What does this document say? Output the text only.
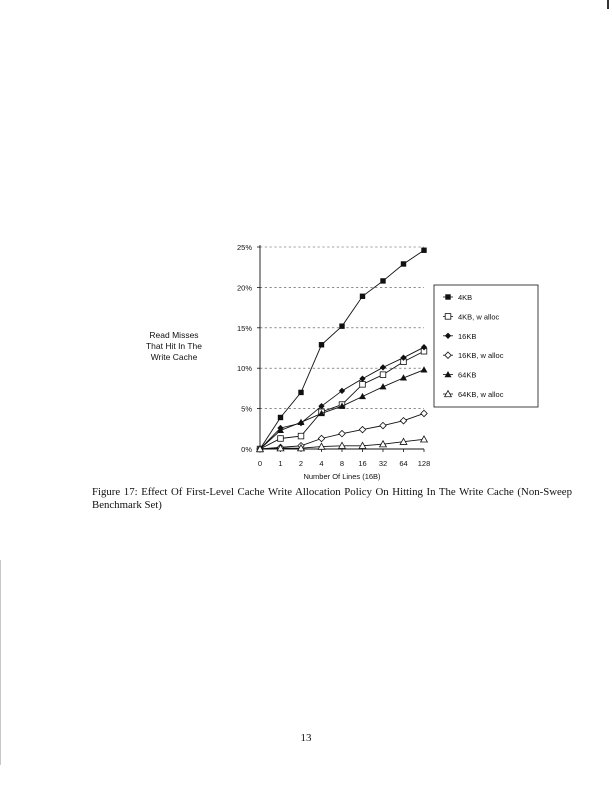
0%
5%
10%
15%
20%
25%
0 1 2 4 8 16 32 64 128
4KB
4KB, w alloc
16KB
16KB, w alloc
64KB
64KB, w alloc
Read Misses
That Hit In The
Write Cache
Number Of Lines (16B)
Figure 17: Effect Of First-Level Cache Write Allocation Policy On Hitting In The Write Cache (Non-Sweep Benchmark Set)
13
